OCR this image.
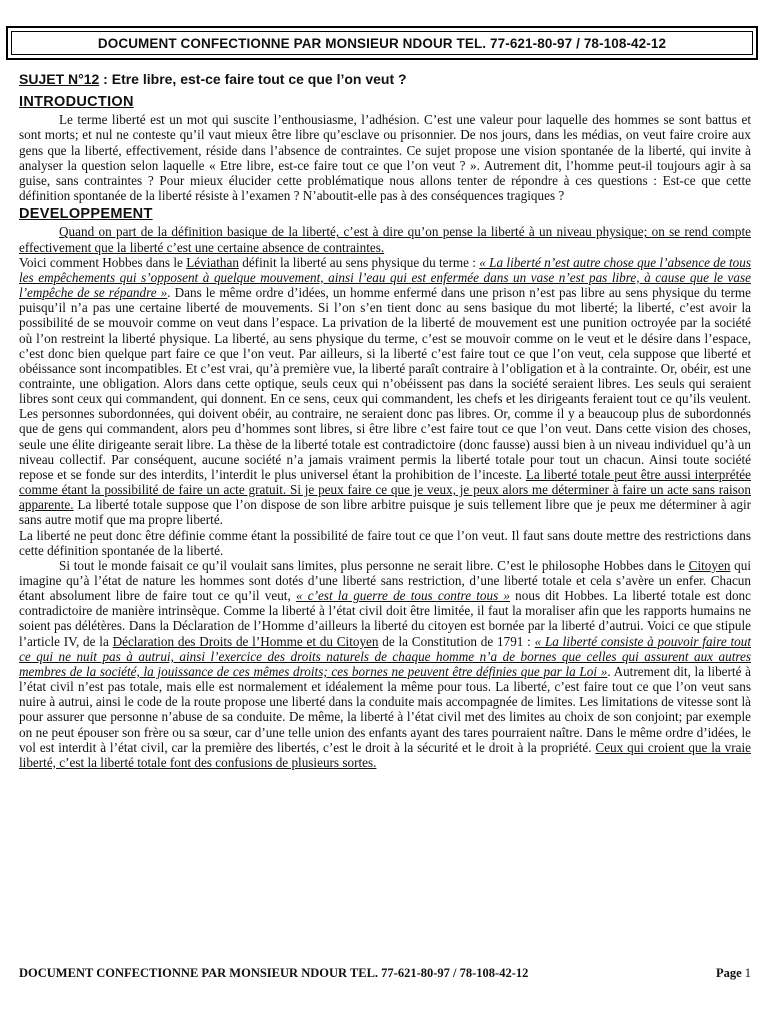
DOCUMENT CONFECTIONNE PAR MONSIEUR NDOUR TEL. 77-621-80-97 / 78-108-42-12
SUJET N°12 : Etre libre, est-ce faire tout ce que l’on veut ?
INTRODUCTION

Le terme liberté est un mot qui suscite l’enthousiasme, l’adhésion. C’est une valeur pour laquelle des hommes se sont battus et sont morts; et nul ne conteste qu’il vaut mieux être libre qu’esclave ou prisonnier. De nos jours, dans les médias, on veut faire croire aux gens que la liberté, effectivement, réside dans l’absence de contraintes. Ce sujet propose une vision spontanée de la liberté, qui invite à analyser la question selon laquelle « Etre libre, est-ce faire tout ce que l’on veut ? ». Autrement dit, l’homme peut-il toujours agir à sa guise, sans contraintes ? Pour mieux élucider cette problématique nous allons tenter de répondre à ces questions : Est-ce que cette définition spontanée de la liberté résiste à l’examen ? N’aboutit-elle pas à des conséquences tragiques ?

DEVELOPPEMENT

Quand on part de la définition basique de la liberté, c’est à dire qu’on pense la liberté à un niveau physique; on se rend compte effectivement que la liberté c’est une certaine absence de contraintes.

Voici comment Hobbes dans le Léviathan définit la liberté au sens physique du terme : « La liberté n’est autre chose que l’absence de tous les empêchements qui s’opposent à quelque mouvement, ainsi l’eau qui est enfermée dans un vase n’est pas libre, à cause que le vase l’empêche de se répandre ». Dans le même ordre d’idées, un homme enfermé dans une prison n’est pas libre au sens physique du terme puisqu’il n’a pas une certaine liberté de mouvements. Si l’on s’en tient donc au sens basique du mot liberté; la liberté, c’est avoir la possibilité de se mouvoir comme on veut dans l’espace. La privation de la liberté de mouvement est une punition octroyée par la société où l’on restreint la liberté physique. La liberté, au sens physique du terme, c’est se mouvoir comme on le veut et le désire dans l’espace, c’est donc bien quelque part faire ce que l’on veut. Par ailleurs, si la liberté c’est faire tout ce que l’on veut, cela suppose que liberté et obéissance sont incompatibles. Et c’est vrai, qu’à première vue, la liberté paraît contraire à l’obligation et à la contrainte. Or, obéir, est une contrainte, une obligation. Alors dans cette optique, seuls ceux qui n’obéissent pas dans la société seraient libres. Les seuls qui seraient libres sont ceux qui commandent, qui donnent. En ce sens, ceux qui commandent, les chefs et les dirigeants feraient tout ce qu’ils veulent. Les personnes subordonnées, qui doivent obéir, au contraire, ne seraient donc pas libres. Or, comme il y a beaucoup plus de subordonnés que de gens qui commandent, alors peu d’hommes sont libres, si être libre c’est faire tout ce que l’on veut. Dans cette vision des choses, seule une élite dirigeante serait libre. La thèse de la liberté totale est contradictoire (donc fausse) aussi bien à un niveau individuel qu’à un niveau collectif. Par conséquent, aucune société n’a jamais vraiment permis la liberté totale pour tout un chacun. Ainsi toute société repose et se fonde sur des interdits, l’interdit le plus universel étant la prohibition de l’inceste. La liberté totale peut être aussi interprétée comme étant la possibilité de faire un acte gratuit. Si je peux faire ce que je veux, je peux alors me déterminer à faire un acte sans raison apparente. La liberté totale suppose que l’on dispose de son libre arbitre puisque je suis tellement libre que je peux me déterminer à agir sans autre motif que ma propre liberté.

La liberté ne peut donc être définie comme étant la possibilité de faire tout ce que l’on veut. Il faut sans doute mettre des restrictions dans cette définition spontanée de la liberté.

Si tout le monde faisait ce qu’il voulait sans limites, plus personne ne serait libre. C’est le philosophe Hobbes dans le Citoyen qui imagine qu’à l’état de nature les hommes sont dotés d’une liberté sans restriction, d’une liberté totale et cela s’avère un enfer. Chacun étant absolument libre de faire tout ce qu’il veut, « c’est la guerre de tous contre tous » nous dit Hobbes. La liberté totale est donc contradictoire de manière intrinsèque. Comme la liberté à l’état civil doit être limitée, il faut la moraliser afin que les rapports humains ne soient pas délétères. Dans la Déclaration de l’Homme d’ailleurs la liberté du citoyen est bornée par la liberté d’autrui. Voici ce que stipule l’article IV, de la Déclaration des Droits de l’Homme et du Citoyen de la Constitution de 1791 : « La liberté consiste à pouvoir faire tout ce qui ne nuit pas à autrui, ainsi l’exercice des droits naturels de chaque homme n’a de bornes que celles qui assurent aux autres membres de la société, la jouissance de ces mêmes droits; ces bornes ne peuvent être définies que par la Loi ». Autrement dit, la liberté à l’état civil n’est pas totale, mais elle est normalement et idéalement la même pour tous. La liberté, c’est faire tout ce que l’on veut sans nuire à autrui, ainsi le code de la route propose une liberté dans la conduite mais accompagnée de limites. Les limitations de vitesse sont là pour assurer que personne n’abuse de sa conduite. De même, la liberté à l’état civil met des limites au choix de son conjoint; par exemple on ne peut épouser son frère ou sa sœur, car d’une telle union des enfants ayant des tares pourraient naître. Dans le même ordre d’idées, le vol est interdit à l’état civil, car la première des libertés, c’est le droit à la sécurité et le droit à la propriété. Ceux qui croient que la vraie liberté, c’est la liberté totale font des confusions de plusieurs sortes.

DOCUMENT CONFECTIONNE PAR MONSIEUR NDOUR TEL. 77-621-80-97 / 78-108-42-12	Page 1
